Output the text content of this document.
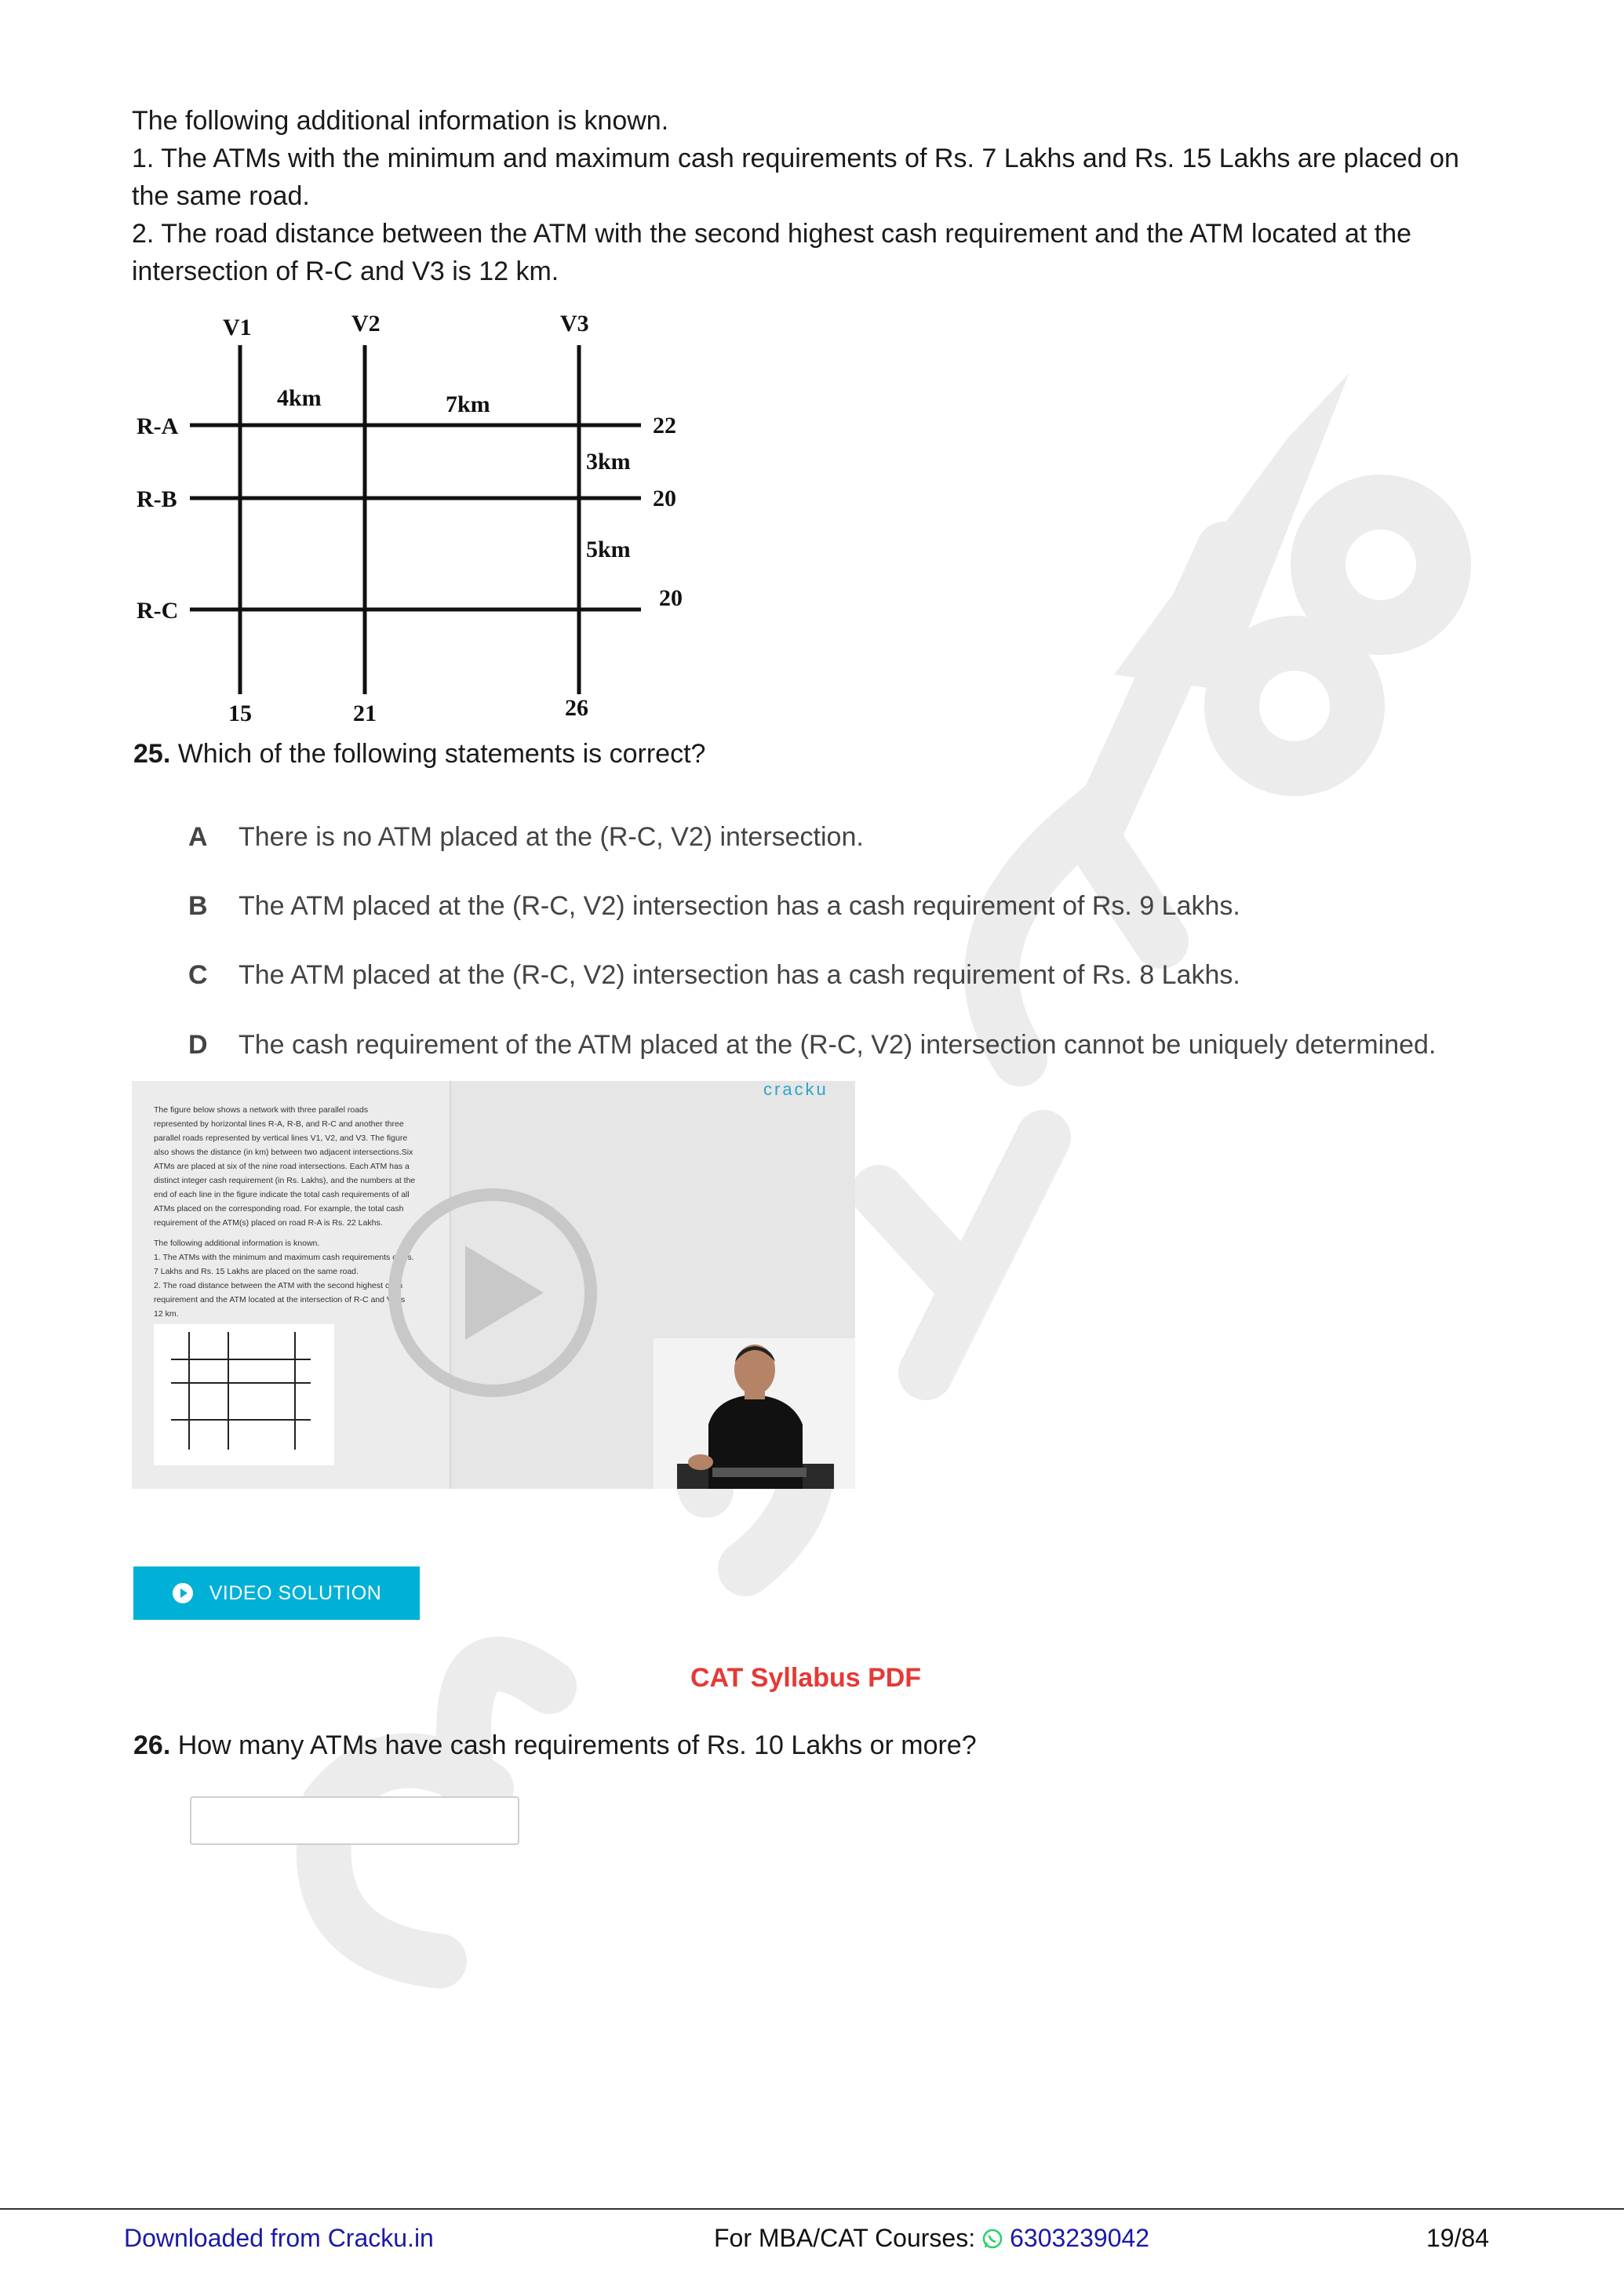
The following additional information is known.

1. The ATMs with the minimum and maximum cash requirements of Rs. 7 Lakhs and Rs. 15 Lakhs are placed on the same road.

2. The road distance between the ATM with the second highest cash requirement and the ATM located at the intersection of R-C and V3 is 12 km.

V1	V2	V3
R-A
R-B
R-C
4km	7km
3km
5km
22
20
20
15	21	26
25. Which of the following statements is correct?
A	There is no ATM placed at the (R-C, V2) intersection.
B	The ATM placed at the (R-C, V2) intersection has a cash requirement of Rs. 9 Lakhs.
C	The ATM placed at the (R-C, V2) intersection has a cash requirement of Rs. 8 Lakhs.
D	The cash requirement of the ATM placed at the (R-C, V2) intersection cannot be uniquely determined.
The figure below shows a network with three parallel roads
represented by horizontal lines R-A, R-B, and R-C and another three
parallel roads represented by vertical lines V1, V2, and V3. The figure
also shows the distance (in km) between two adjacent intersections.Six
ATMs are placed at six of the nine road intersections. Each ATM has a
distinct integer cash requirement (in Rs. Lakhs), and the numbers at the
end of each line in the figure indicate the total cash requirements of all
ATMs placed on the corresponding road. For example, the total cash
requirement of the ATM(s) placed on road R-A is Rs. 22 Lakhs.
The following additional information is known.
1. The ATMs with the minimum and maximum cash requirements of Rs.
7 Lakhs and Rs. 15 Lakhs are placed on the same road.
2. The road distance between the ATM with the second highest cash
requirement and the ATM located at the intersection of R-C and V3 is
12 km.
cracku
VIDEO SOLUTION
CAT Syllabus PDF
26. How many ATMs have cash requirements of Rs. 10 Lakhs or more?
Downloaded from Cracku.in	For MBA/CAT Courses: 6303239042	19/84
